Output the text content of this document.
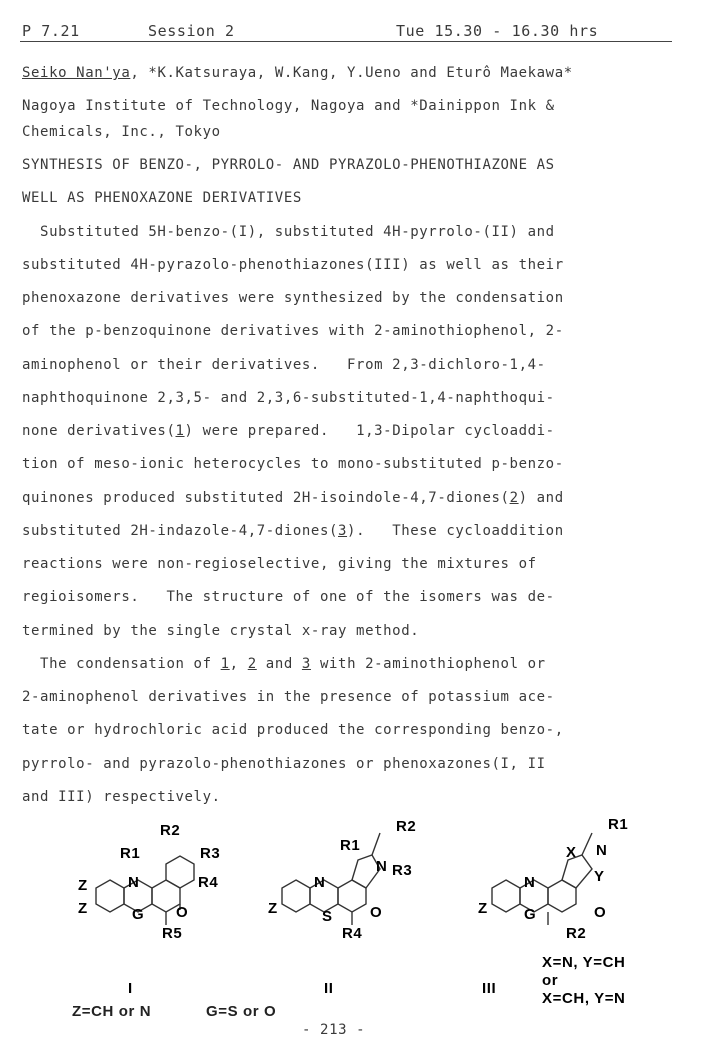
P 7.21	Session 2	Tue 15.30 - 16.30 hrs
Seiko Nan'ya, *K.Katsuraya, W.Kang, Y.Ueno and Eturô Maekawa*
Nagoya Institute of Technology, Nagoya and *Dainippon Ink &
Chemicals, Inc., Tokyo
SYNTHESIS OF BENZO-, PYRROLO- AND PYRAZOLO-PHENOTHIAZONE AS
WELL AS PHENOXAZONE DERIVATIVES
Substituted 5H-benzo-(I), substituted 4H-pyrrolo-(II) and
substituted 4H-pyrazolo-phenothiazones(III) as well as their
phenoxazone derivatives were synthesized by the condensation
of the p-benzoquinone derivatives with 2-aminothiophenol, 2-
aminophenol or their derivatives.   From 2,3-dichloro-1,4-
naphthoquinone 2,3,5- and 2,3,6-substituted-1,4-naphthoqui-
none derivatives(1) were prepared.   1,3-Dipolar cycloaddi-
tion of meso-ionic heterocycles to mono-substituted p-benzo-
quinones produced substituted 2H-isoindole-4,7-diones(2) and
substituted 2H-indazole-4,7-diones(3).   These cycloaddition
reactions were non-regioselective, giving the mixtures of
regioisomers.   The structure of one of the isomers was de-
termined by the single crystal x-ray method.
The condensation of 1, 2 and 3 with 2-aminothiophenol or
2-aminophenol derivatives in the presence of potassium ace-
tate or hydrochloric acid produced the corresponding benzo-,
pyrrolo- and pyrazolo-phenothiazones or phenoxazones(I, II
and III) respectively.
N
G
Z
Z	O
R5
R1
R2
R3
R4
I
N
S
Z
N
O
R4
R1
R2
R3
II
N
G
Z
X N
Y
O
R2
R1
III
X=N, Y=CH
or
X=CH, Y=N
Z=CH or N	G=S or O
- 213 -
